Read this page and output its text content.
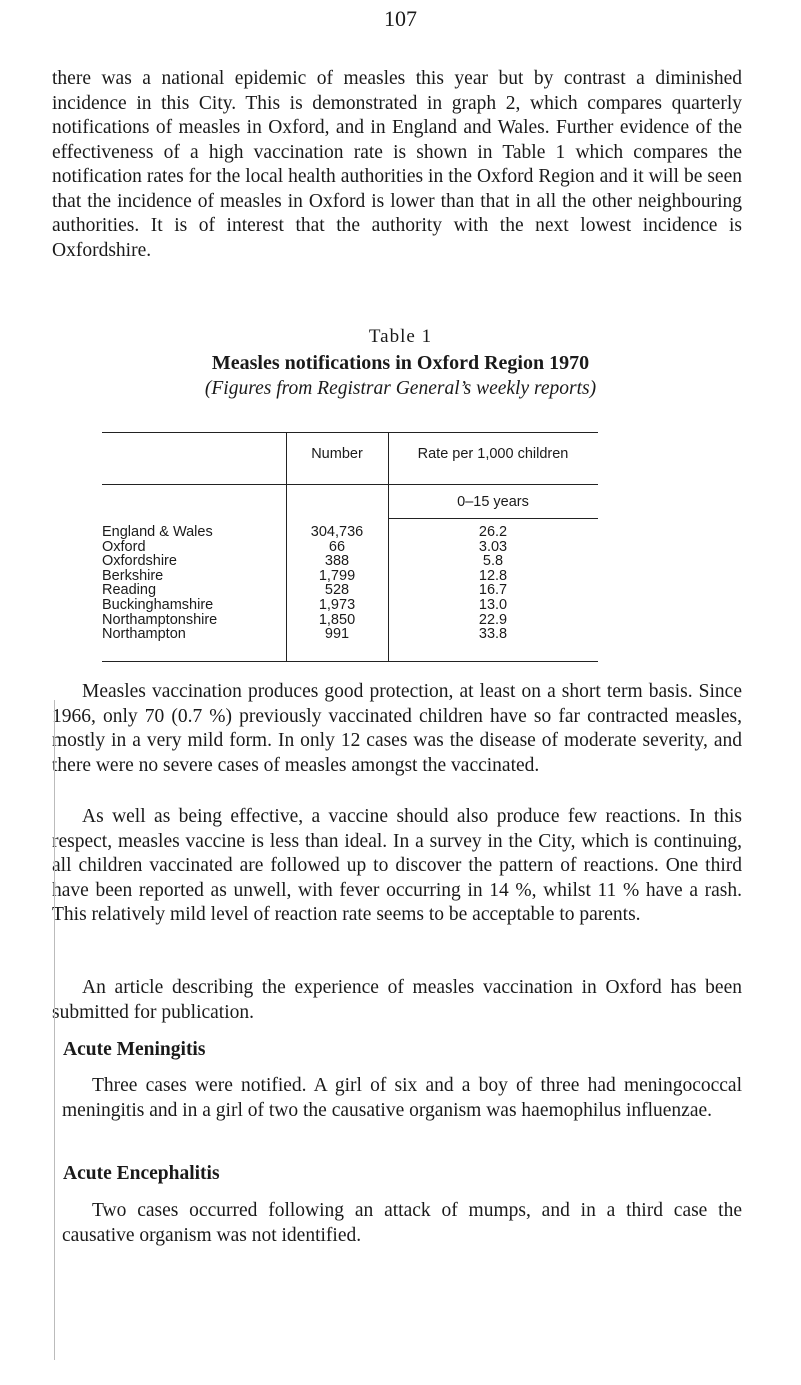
107

there was a national epidemic of measles this year but by contrast a diminished incidence in this City. This is demonstrated in graph 2, which compares quarterly notifications of measles in Oxford, and in England and Wales. Further evidence of the effectiveness of a high vaccination rate is shown in Table 1 which compares the notification rates for the local health authorities in the Oxford Region and it will be seen that the incidence of measles in Oxford is lower than that in all the other neighbouring authorities. It is of interest that the authority with the next lowest incidence is Oxfordshire.

Table 1

Measles notifications in Oxford Region 1970

(Figures from Registrar General’s weekly reports)

Number	Rate per 1,000 children
0–15 years
England & Wales
Oxford
Oxfordshire
Berkshire
Reading
Buckinghamshire
Northamptonshire
Northampton
304,736
66
388
1,799
528
1,973
1,850
991
26.2
3.03
5.8
12.8
16.7
13.0
22.9
33.8

Measles vaccination produces good protection, at least on a short term basis. Since 1966, only 70 (0.7 %) previously vaccinated children have so far contracted measles, mostly in a very mild form. In only 12 cases was the disease of moderate severity, and there were no severe cases of measles amongst the vaccinated.

As well as being effective, a vaccine should also produce few reactions. In this respect, measles vaccine is less than ideal. In a survey in the City, which is continuing, all children vaccinated are followed up to discover the pattern of reactions. One third have been reported as unwell, with fever occurring in 14 %, whilst 11 % have a rash. This relatively mild level of reaction rate seems to be acceptable to parents.

An article describing the experience of measles vaccination in Oxford has been submitted for publication.

Acute Meningitis

Three cases were notified. A girl of six and a boy of three had meningococcal meningitis and in a girl of two the causative organism was haemophilus influenzae.

Acute Encephalitis

Two cases occurred following an attack of mumps, and in a third case the causative organism was not identified.
